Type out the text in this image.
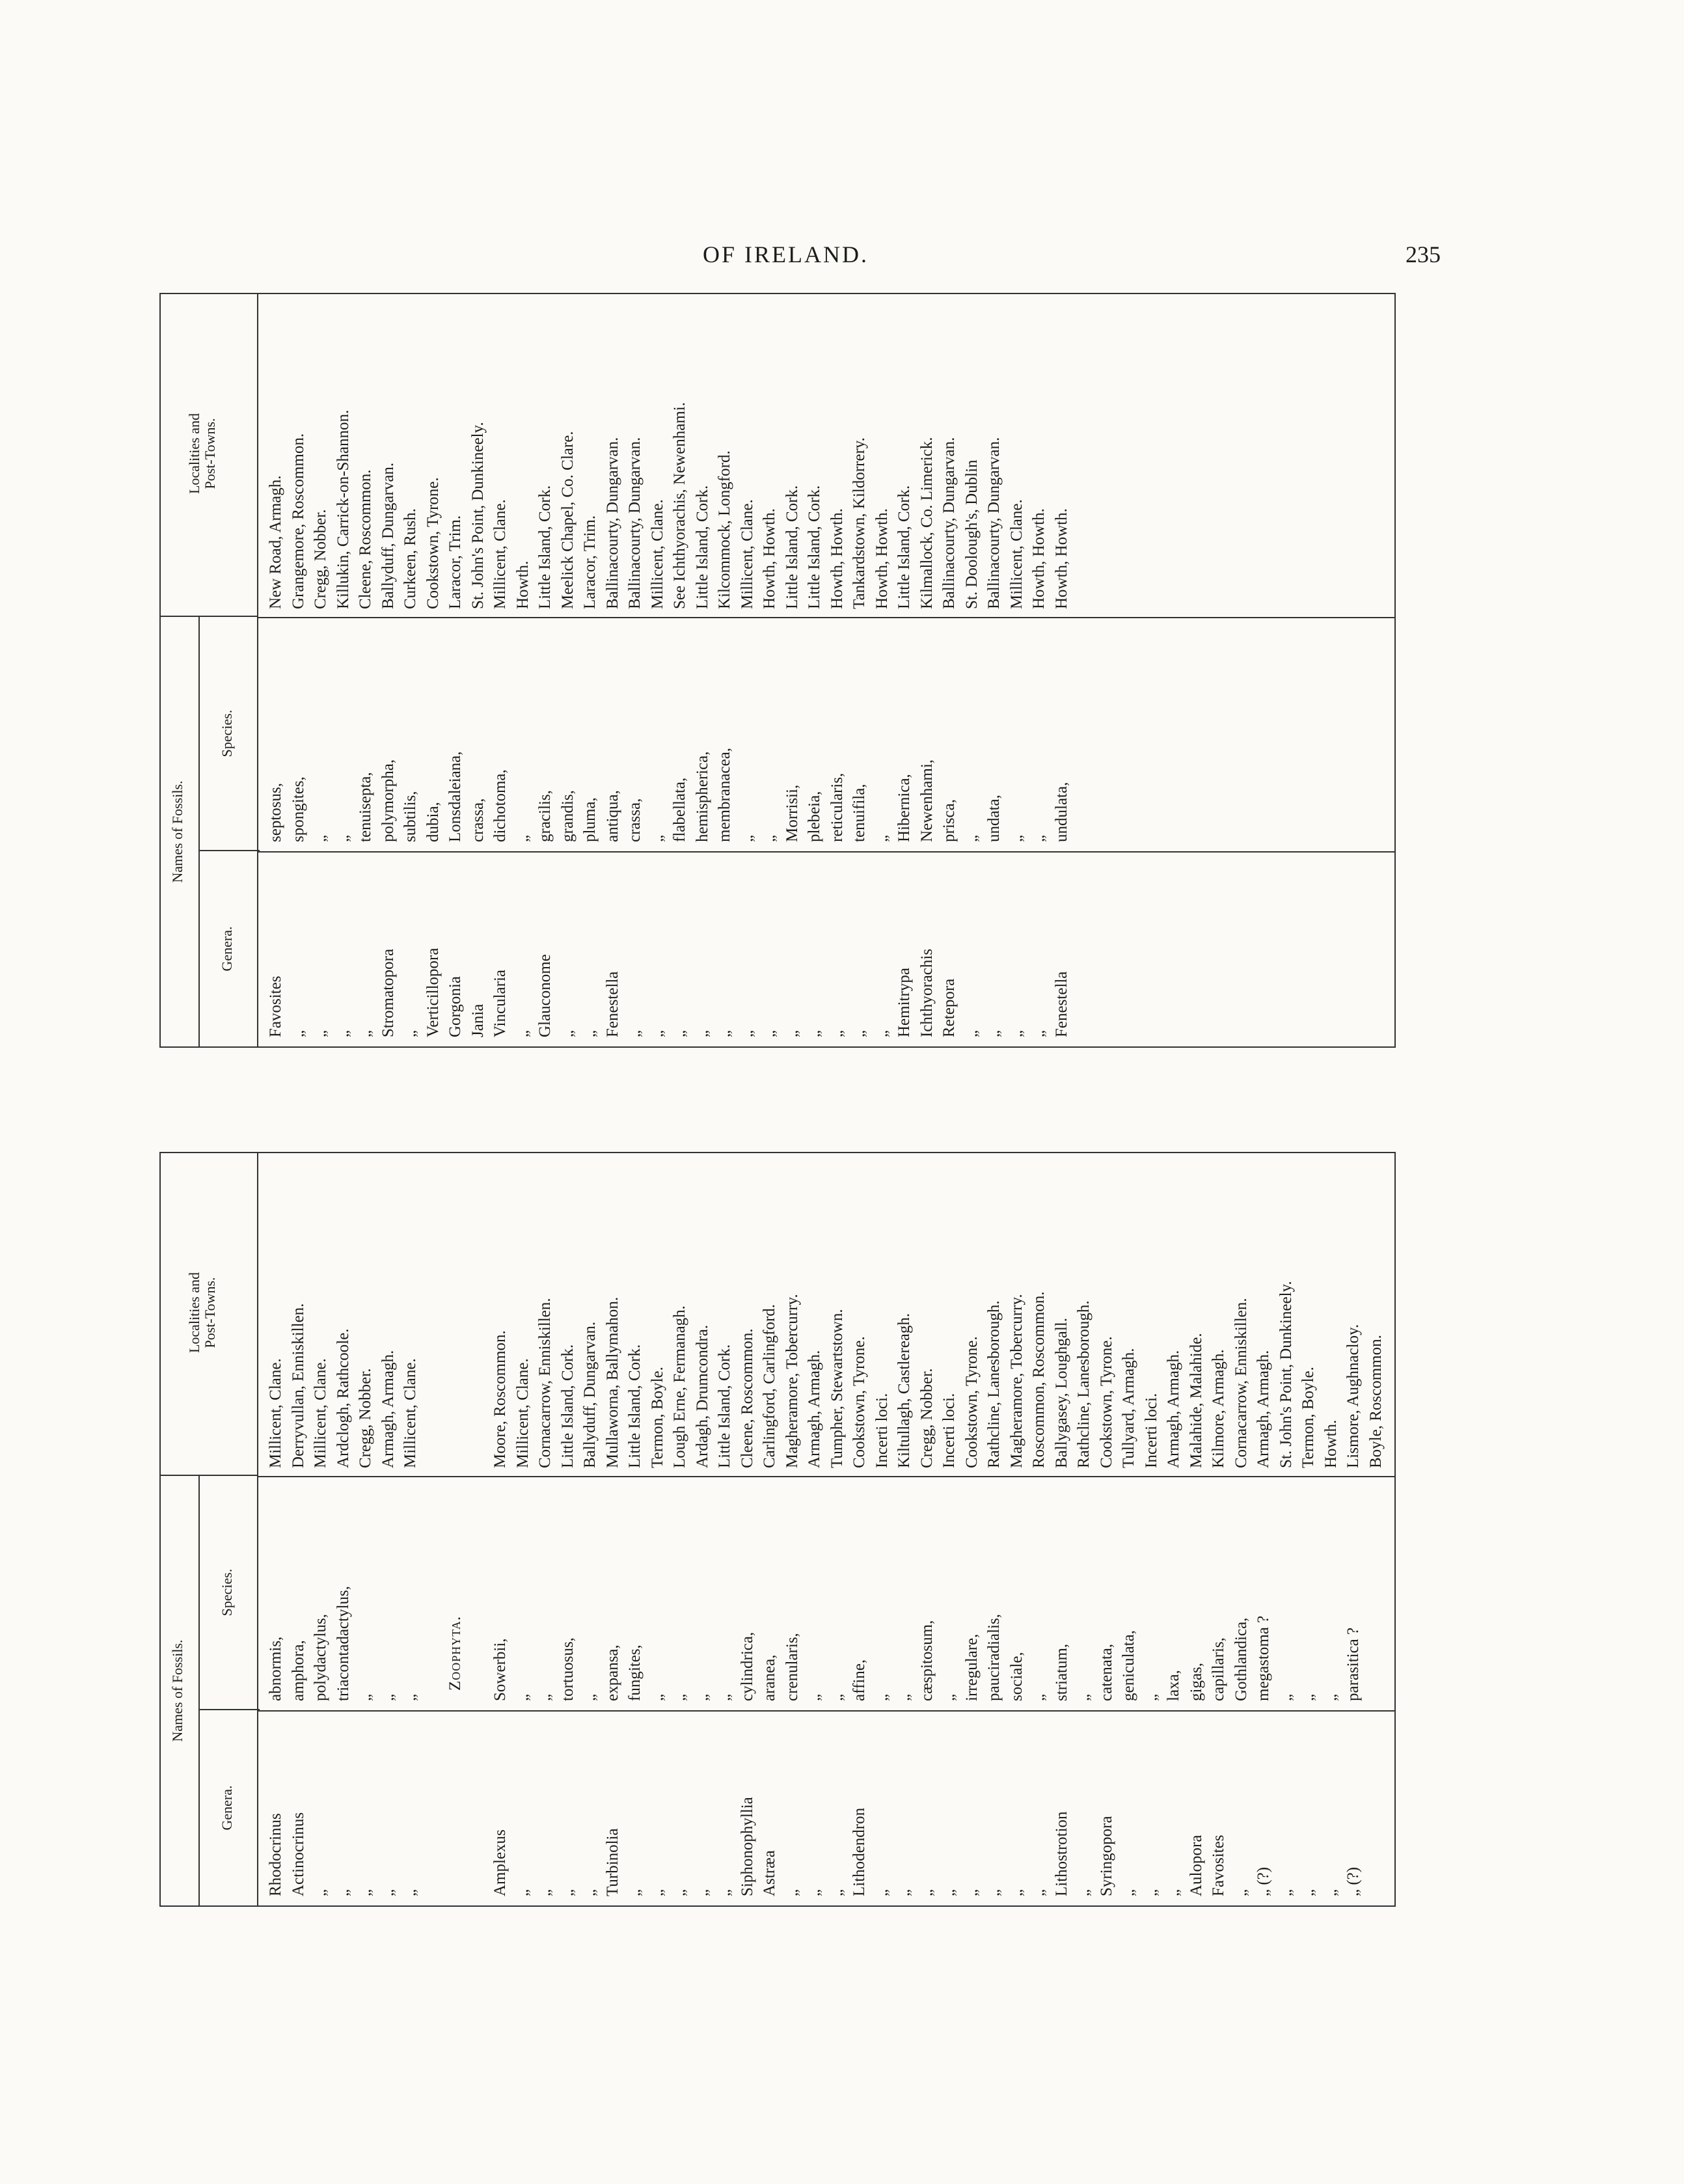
OF IRELAND.	235
Names of Fossils.
Genera.
Species.
Localities and Post-Towns.
Favosites
septosus,
New Road, Armagh.
„
spongites,
Grangemore, Roscommon.
„
„
Cregg, Nobber.
„
„
Killukin, Carrick-on-Shannon.
„
tenuisepta,
Cleene, Roscommon.
Stromatopora
polymorpha,
Ballyduff, Dungarvan.
„
subtilis,
Curkeen, Rush.
Verticillopora
dubia,
Cookstown, Tyrone.
Gorgonia
Lonsdaleiana,
Laracor, Trim.
Jania
crassa,
St. John's Point, Dunkineely.
Vincularia
dichotoma,
Millicent, Clane.
„
„
Howth.
Glauconome
gracilis,
Little Island, Cork.
„
grandis,
Meelick Chapel, Co. Clare.
„
pluma,
Laracor, Trim.
Fenestella
antiqua,
Ballinacourty, Dungarvan.
„
crassa,
Ballinacourty, Dungarvan.
„
„
Millicent, Clane.
„
flabellata,
See Ichthyorachis, Newenhami.
„
hemispherica,
Little Island, Cork.
„
membranacea,
Kilcommock, Longford.
„
„
Millicent, Clane.
„
„
Howth, Howth.
„
Morrisii,
Little Island, Cork.
„
plebeia,
Little Island, Cork.
„
reticularis,
Howth, Howth.
„
tenuifila,
Tankardstown, Kildorrery.
„
„
Howth, Howth.
Hemitrypa
Hibernica,
Little Island, Cork.
Ichthyorachis
Newenhami,
Kilmallock, Co. Limerick.
Retepora
prisca,
Ballinacourty, Dungarvan.
„
„
St. Doolough's, Dublin
„
undata,
Ballinacourty, Dungarvan.
„
„
Millicent, Clane.
„
„
Howth, Howth.
Fenestella
undulata,
Howth, Howth.
Names of Fossils.
Genera.
Species.
Localities and Post-Towns.
Rhodocrinus
abnormis,
Millicent, Clane.
Actinocrinus
amphora,
Derryvullan, Enniskillen.
„
polydactylus,
Millicent, Clane.
„
triacontadactylus,
Ardclogh, Rathcoole.
„
„
Cregg, Nobber.
„
„
Armagh, Armagh.
„
„
Millicent, Clane.
Zoophyta.
Amplexus
Sowerbii,
Moore, Roscommon.
„
„
Millicent, Clane.
„
„
Cornacarrow, Enniskillen.
„
tortuosus,
Little Island, Cork.
„
„
Ballyduff, Dungarvan.
Turbinolia
expansa,
Mullaworna, Ballymahon.
„
fungites,
Little Island, Cork.
„
„
Termon, Boyle.
„
„
Lough Erne, Fermanagh.
„
„
Ardagh, Drumcondra.
„
„
Little Island, Cork.
Siphonophyllia
cylindrica,
Cleene, Roscommon.
Astræa
aranea,
Carlingford, Carlingford.
„
crenularis,
Magheramore, Tobercurry.
„
„
Armagh, Armagh.
„
„
Tumpher, Stewartstown.
Lithodendron
affine,
Cookstown, Tyrone.
„
„
Incerti loci.
„
„
Kiltullagh, Castlereagh.
„
cæspitosum,
Cregg, Nobber.
„
„
Incerti loci.
„
irregulare,
Cookstown, Tyrone.
„
pauciradialis,
Rathcline, Lanesborough.
„
sociale,
Magheramore, Tobercurry.
„
„
Roscommon, Roscommon.
Lithostrotion
striatum,
Ballygasey, Loughgall.
„
„
Rathcline, Lanesborough.
Syringopora
catenata,
Cookstown, Tyrone.
„
geniculata,
Tullyard, Armagh.
„
„
Incerti loci.
„
laxa,
Armagh, Armagh.
Aulopora
gigas,
Malahide, Malahide.
Favosites
capillaris,
Kilmore, Armagh.
„
Gothlandica,
Cornacarrow, Enniskillen.
„ (?)
megastoma ?
Armagh, Armagh.
„
„
St. John's Point, Dunkineely.
„
„
Termon, Boyle.
„
„
Howth.
„ (?)
parasitica ?
Lismore, Aughnacloy. Boyle, Roscommon.
